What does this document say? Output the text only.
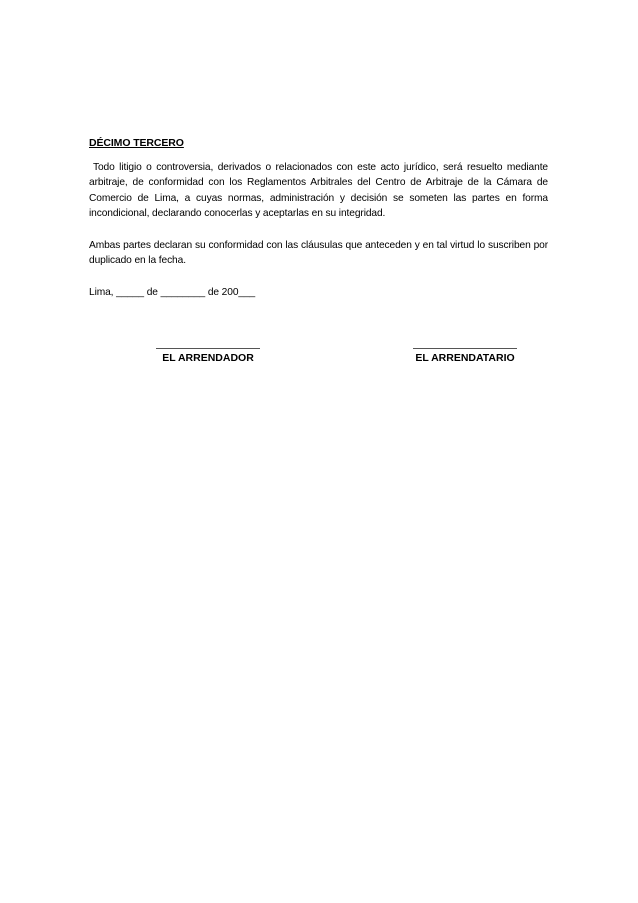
DÉCIMO TERCERO

Todo litigio o controversia, derivados o relacionados con este acto jurídico, será resuelto mediante arbitraje, de conformidad con los Reglamentos Arbitrales del Centro de Arbitraje de la Cámara de Comercio de Lima, a cuyas normas, administración y decisión se someten las partes en forma incondicional, declarando conocerlas y aceptarlas en su integridad.

Ambas partes declaran su conformidad con las cláusulas que anteceden y en tal virtud lo suscriben por duplicado en la fecha.

Lima, _____ de ________ de 200___

EL ARRENDADOR	EL ARRENDATARIO
